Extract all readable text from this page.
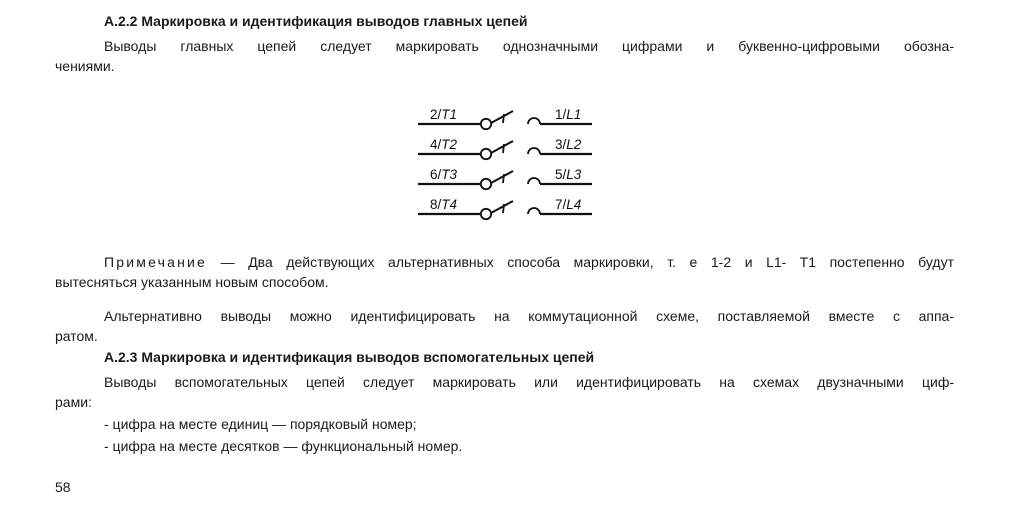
А.2.2 Маркировка и идентификация выводов главных цепей
Выводы главных цепей следует маркировать однозначными цифрами и буквенно-цифровыми обозна-
чениями.
2/T1	1/L1
4/T2	3/L2
6/T3	5/L3
8/T4	7/L4
Примечание — Два действующих альтернативных способа маркировки, т. е 1-2 и L1- T1 постепенно будут
вытесняться указанным новым способом.
Альтернативно выводы можно идентифицировать на коммутационной схеме, поставляемой вместе с аппа-
ратом.
А.2.3 Маркировка и идентификация выводов вспомогательных цепей
Выводы вспомогательных цепей следует маркировать или идентифицировать на схемах двузначными циф-
рами:
- цифра на месте единиц — порядковый номер;
- цифра на месте десятков — функциональный номер.
58
